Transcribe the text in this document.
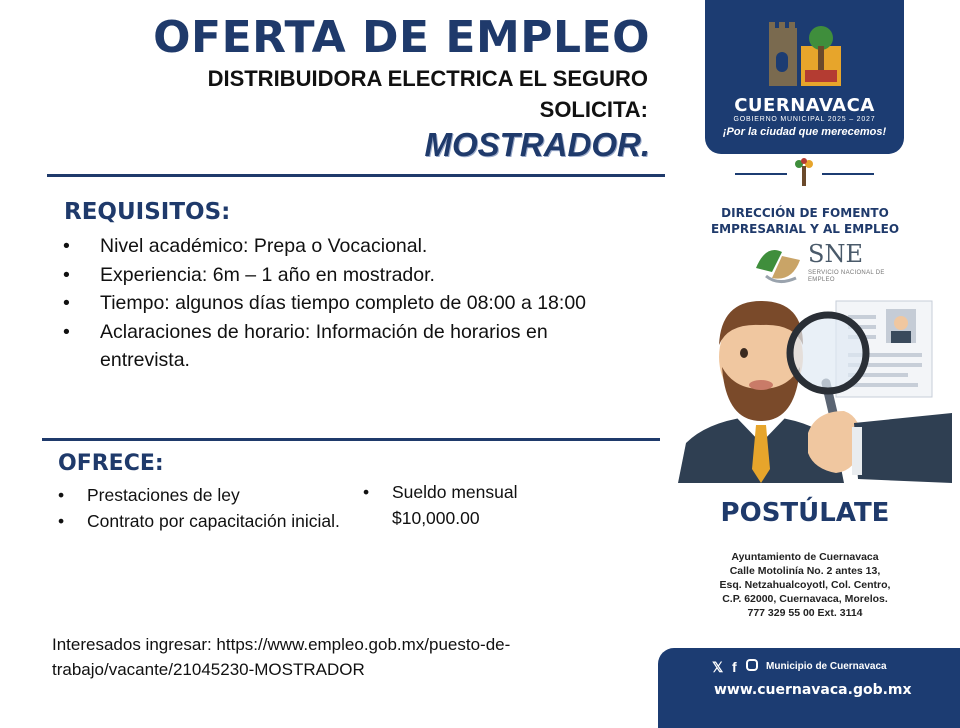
OFERTA DE EMPLEO
DISTRIBUIDORA ELECTRICA EL SEGURO
SOLICITA:
MOSTRADOR.
REQUISITOS:
• Nivel académico: Prepa o Vocacional.
• Experiencia: 6m – 1 año en mostrador.
• Tiempo: algunos días tiempo completo de 08:00 a 18:00
• Aclaraciones de horario: Información de horarios en entrevista.
OFRECE:
• Prestaciones de ley
• Contrato por capacitación inicial.
• Sueldo mensual $10,000.00
Interesados ingresar: https://www.empleo.gob.mx/puesto-de-trabajo/vacante/21045230-MOSTRADOR
CUERNAVACA
GOBIERNO MUNICIPAL 2025 – 2027
¡Por la ciudad que merecemos!
DIRECCIÓN DE FOMENTO
EMPRESARIAL Y AL EMPLEO
SNE
SERVICIO NACIONAL DE EMPLEO
POSTÚLATE
Ayuntamiento de Cuernavaca
Calle Motolinía No. 2 antes 13,
Esq. Netzahualcoyotl, Col. Centro,
C.P. 62000, Cuernavaca, Morelos.
777 329 55 00 Ext. 3114
𝕏 f	Municipio de Cuernavaca
www.cuernavaca.gob.mx
